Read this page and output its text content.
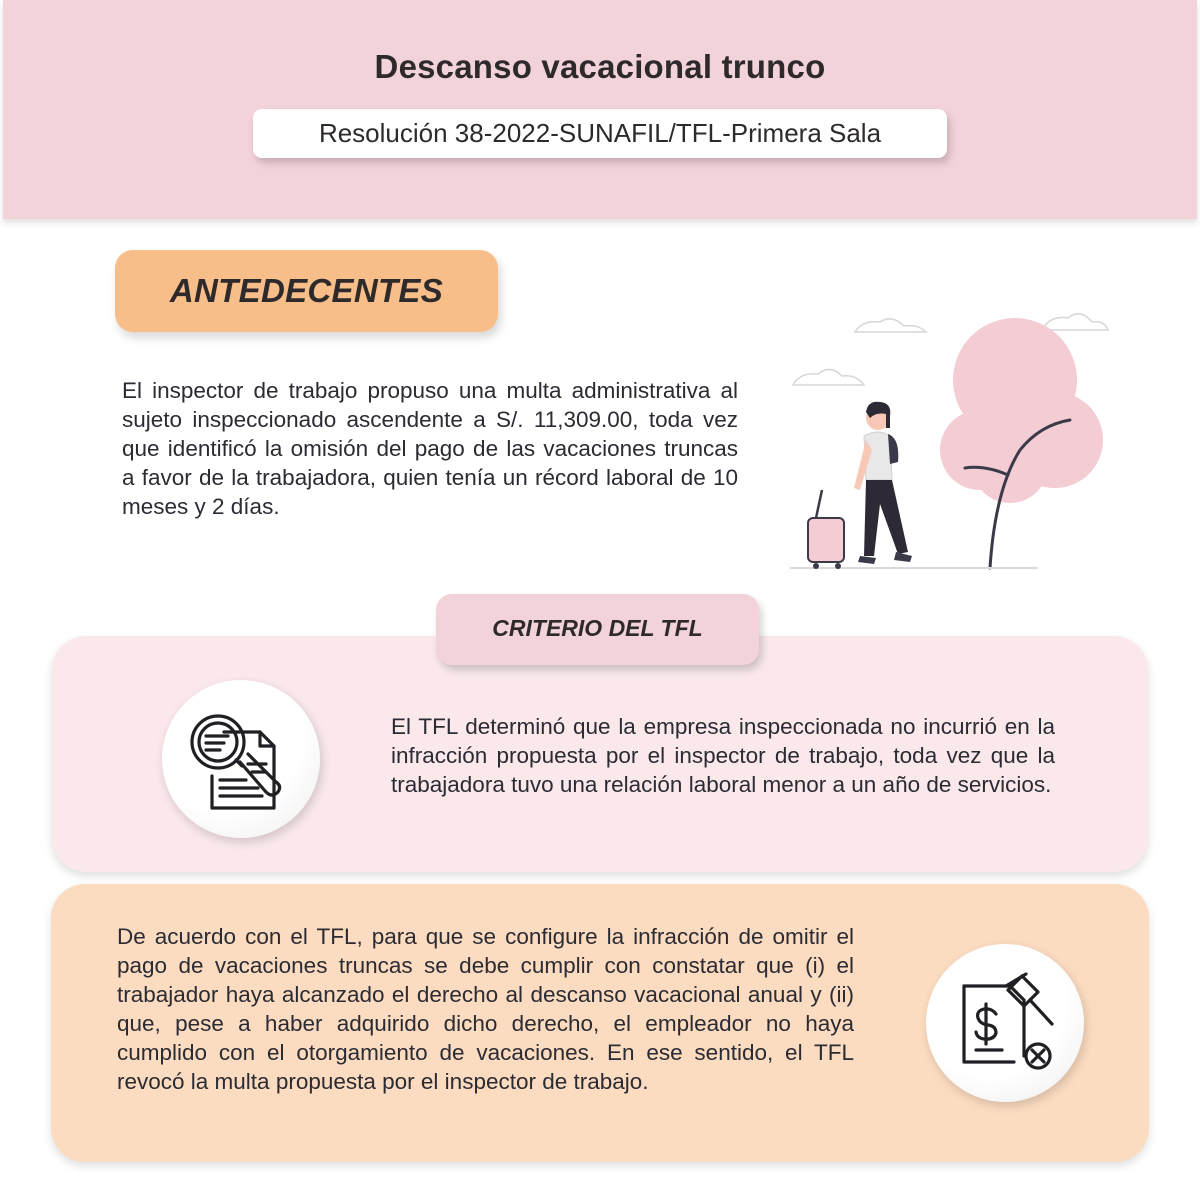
Descanso vacacional trunco
Resolución 38-2022-SUNAFIL/TFL-Primera Sala
ANTEDECENTES

El inspector de trabajo propuso una multa administrativa al sujeto inspeccionado ascendente a S/. 11,309.00, toda vez que identificó la omisión del pago de las vacaciones truncas a favor de la trabajadora, quien tenía un récord laboral de 10 meses y 2 días.

CRITERIO DEL TFL

El TFL determinó que la empresa inspeccionada no incurrió en la infracción propuesta por el inspector de trabajo, toda vez que la trabajadora tuvo una relación laboral menor a un año de servicios.

De acuerdo con el TFL, para que se configure la infracción de omitir el pago de vacaciones truncas se debe cumplir con constatar que (i) el trabajador haya alcanzado el derecho al descanso vacacional anual y (ii) que, pese a haber adquirido dicho derecho, el empleador no haya cumplido con el otorgamiento de vacaciones. En ese sentido, el TFL revocó la multa propuesta por el inspector de trabajo.
